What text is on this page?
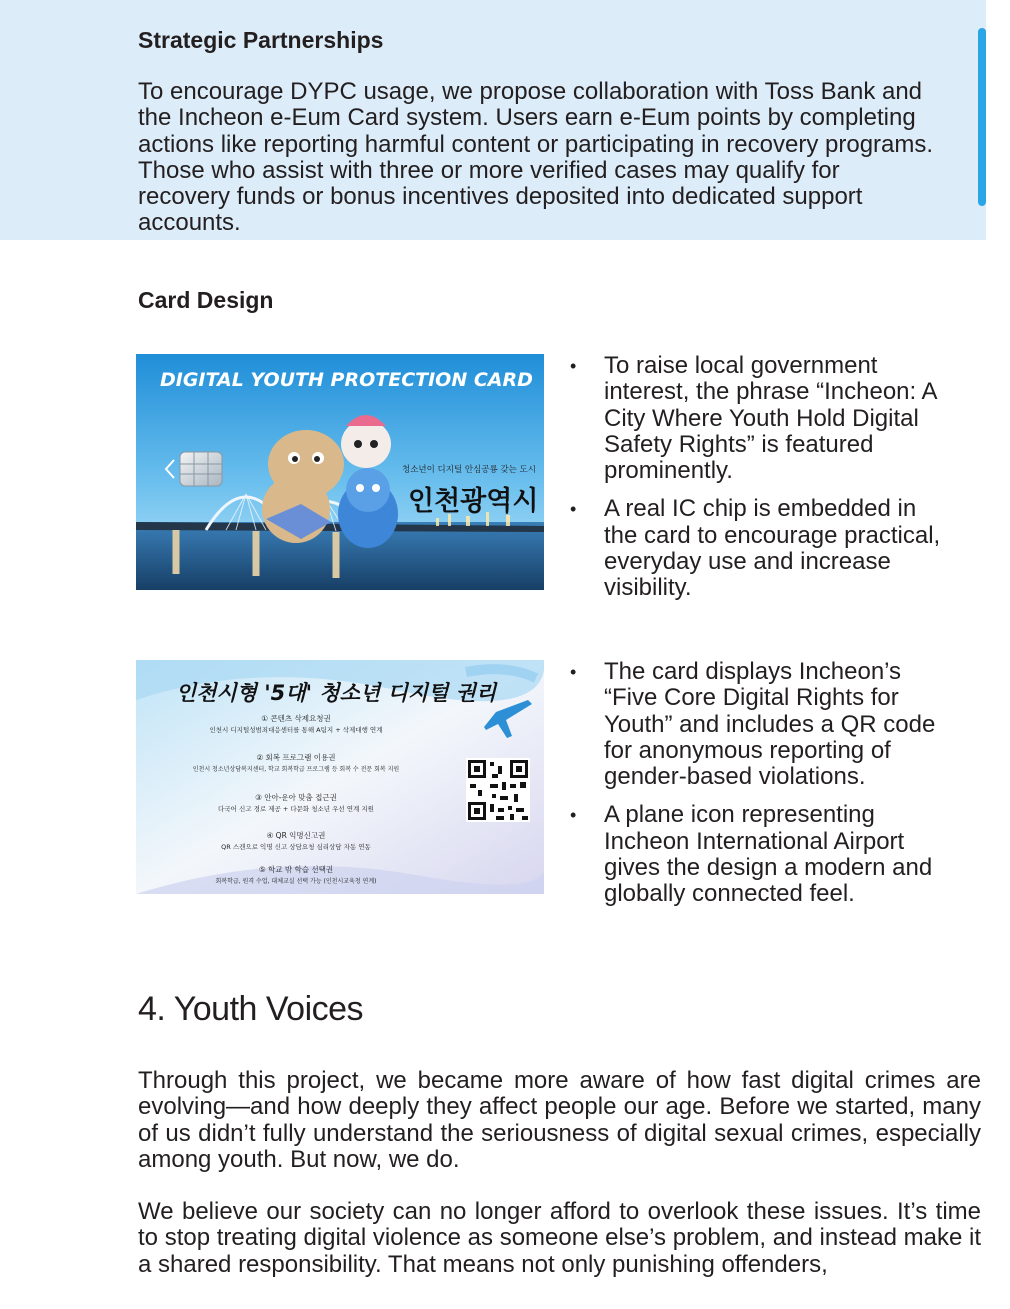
Strategic Partnerships

To encourage DYPC usage, we propose collaboration with Toss Bank and the Incheon e-Eum Card system. Users earn e-Eum points by completing actions like reporting harmful content or participating in recovery programs. Those who assist with three or more verified cases may qualify for recovery funds or bonus incentives deposited into dedicated support accounts.

Card Design
DIGITAL YOUTH PROTECTION CARD
청소년이 디지털 안심공룡 갖는 도시
인천광역시
• To raise local government interest, the phrase “Incheon: A City Where Youth Hold Digital Safety Rights” is featured prominently.
• A real IC chip is embedded in the card to encourage practical, everyday use and increase visibility.
인천시형 '5대' 청소년 디지털 권리
① 콘텐츠 삭제요청권
인천시 디지털성범죄대응센터를 통해 A팀지 + 삭제대행 연계
② 회복 프로그램 이용권
인천시 청소년상담복지센터, 학교 회복학급 프로그램 등 회복 수 전문 회복 지원
③ 안아-운아 맞춤 접근권
다국어 신고 경로 제공 + 다문화 청소년 우선 연계 지원
④ QR 익명신고권
QR 스캔으로 익명 신고 상담요청 심리상담 자동 연동
⑤ 학교 밖 학습 선택권
회복학급, 원격 수업, 대체교실 선택 가능 (인천시교육청 연계)
• The card displays Incheon’s “Five Core Digital Rights for Youth” and includes a QR code for anonymous reporting of gender-based violations.
• A plane icon representing Incheon International Airport gives the design a modern and globally connected feel.
4. Youth Voices

Through this project, we became more aware of how fast digital crimes are evolving—and how deeply they affect people our age. Before we started, many of us didn’t fully understand the seriousness of digital sexual crimes, especially among youth. But now, we do.

We believe our society can no longer afford to overlook these issues. It’s time to stop treating digital violence as someone else’s problem, and instead make it a shared responsibility. That means not only punishing offenders,
